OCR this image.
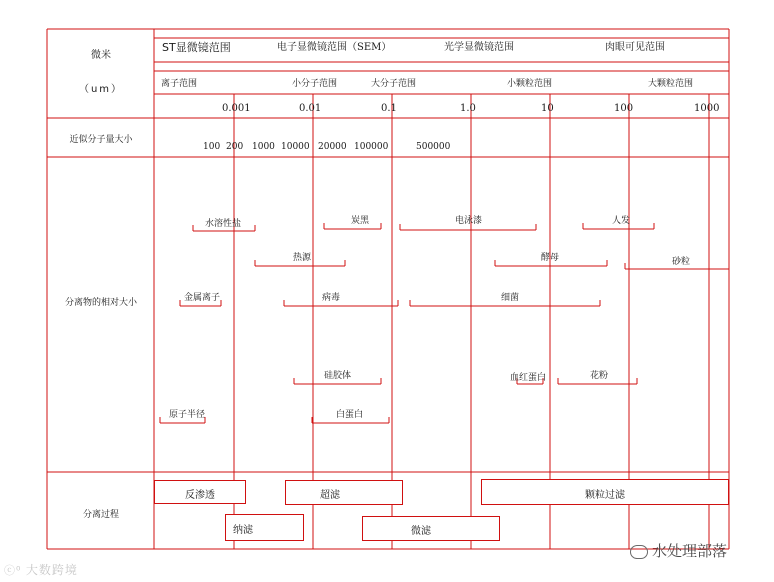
微米
（um）
近似分子量大小
分离物的相对大小
分离过程
ST显微镜范围	电子显微镜范围（SEM）	光学显微镜范围	肉眼可见范围
离子范围	小分子范围	大分子范围	小颗粒范围	大颗粒范围
0.001	0.01	0.1	1.0	10	100	1000
100 200 1000 10000 20000 100000	500000
水溶性盐	炭黑	电泳漆	人发
热源	酵母	砂粒
金属离子	病毒	细菌
硅胶体	血红蛋白	花粉
原子半径	白蛋白
反渗透	超滤	颗粒过滤
纳滤	微滤
ⓒ⁰ 大数跨境
水处理部落
